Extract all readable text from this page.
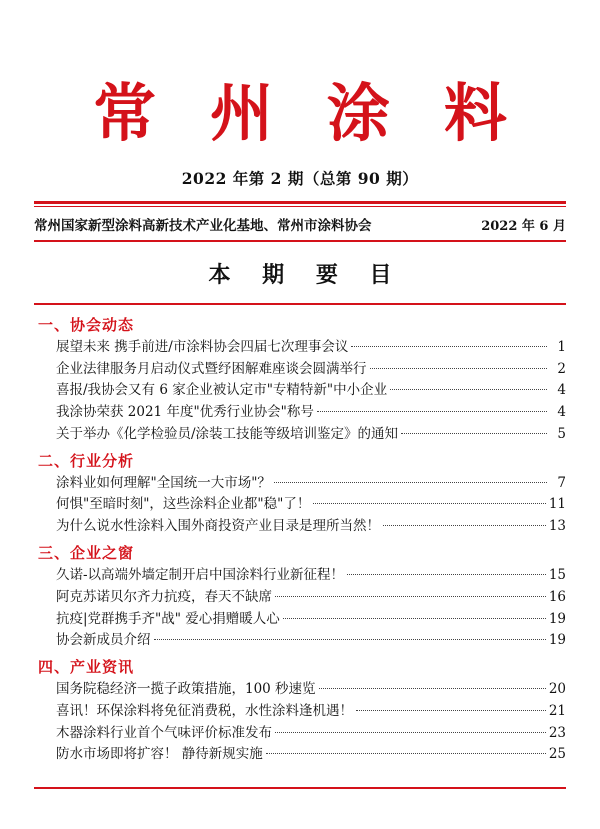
常 州 涂 料
2022 年第 2 期（总第 90 期）
常州国家新型涂料高新技术产业化基地、常州市涂料协会	2022 年 6 月
本 期 要 目
一、协会动态
展望未来 携手前进/市涂料协会四届七次理事会议	1
企业法律服务月启动仪式暨纾困解难座谈会圆满举行	2
喜报/我协会又有 6 家企业被认定市"专精特新"中小企业	4
我涂协荣获 2021 年度"优秀行业协会"称号	4
关于举办《化学检验员/涂装工技能等级培训鉴定》的通知	5
二、行业分析
涂料业如何理解"全国统一大市场"？	7
何惧"至暗时刻"，这些涂料企业都"稳"了！	11
为什么说水性涂料入围外商投资产业目录是理所当然！	13
三、企业之窗
久诺-以高端外墙定制开启中国涂料行业新征程！	15
阿克苏诺贝尔齐力抗疫，春天不缺席	16
抗疫|党群携手齐"战" 爱心捐赠暖人心	19
协会新成员介绍	19
四、产业资讯
国务院稳经济一揽子政策措施，100 秒速览	20
喜讯！环保涂料将免征消费税，水性涂料逢机遇！	21
木器涂料行业首个气味评价标准发布	23
防水市场即将扩容！ 静待新规实施	25
